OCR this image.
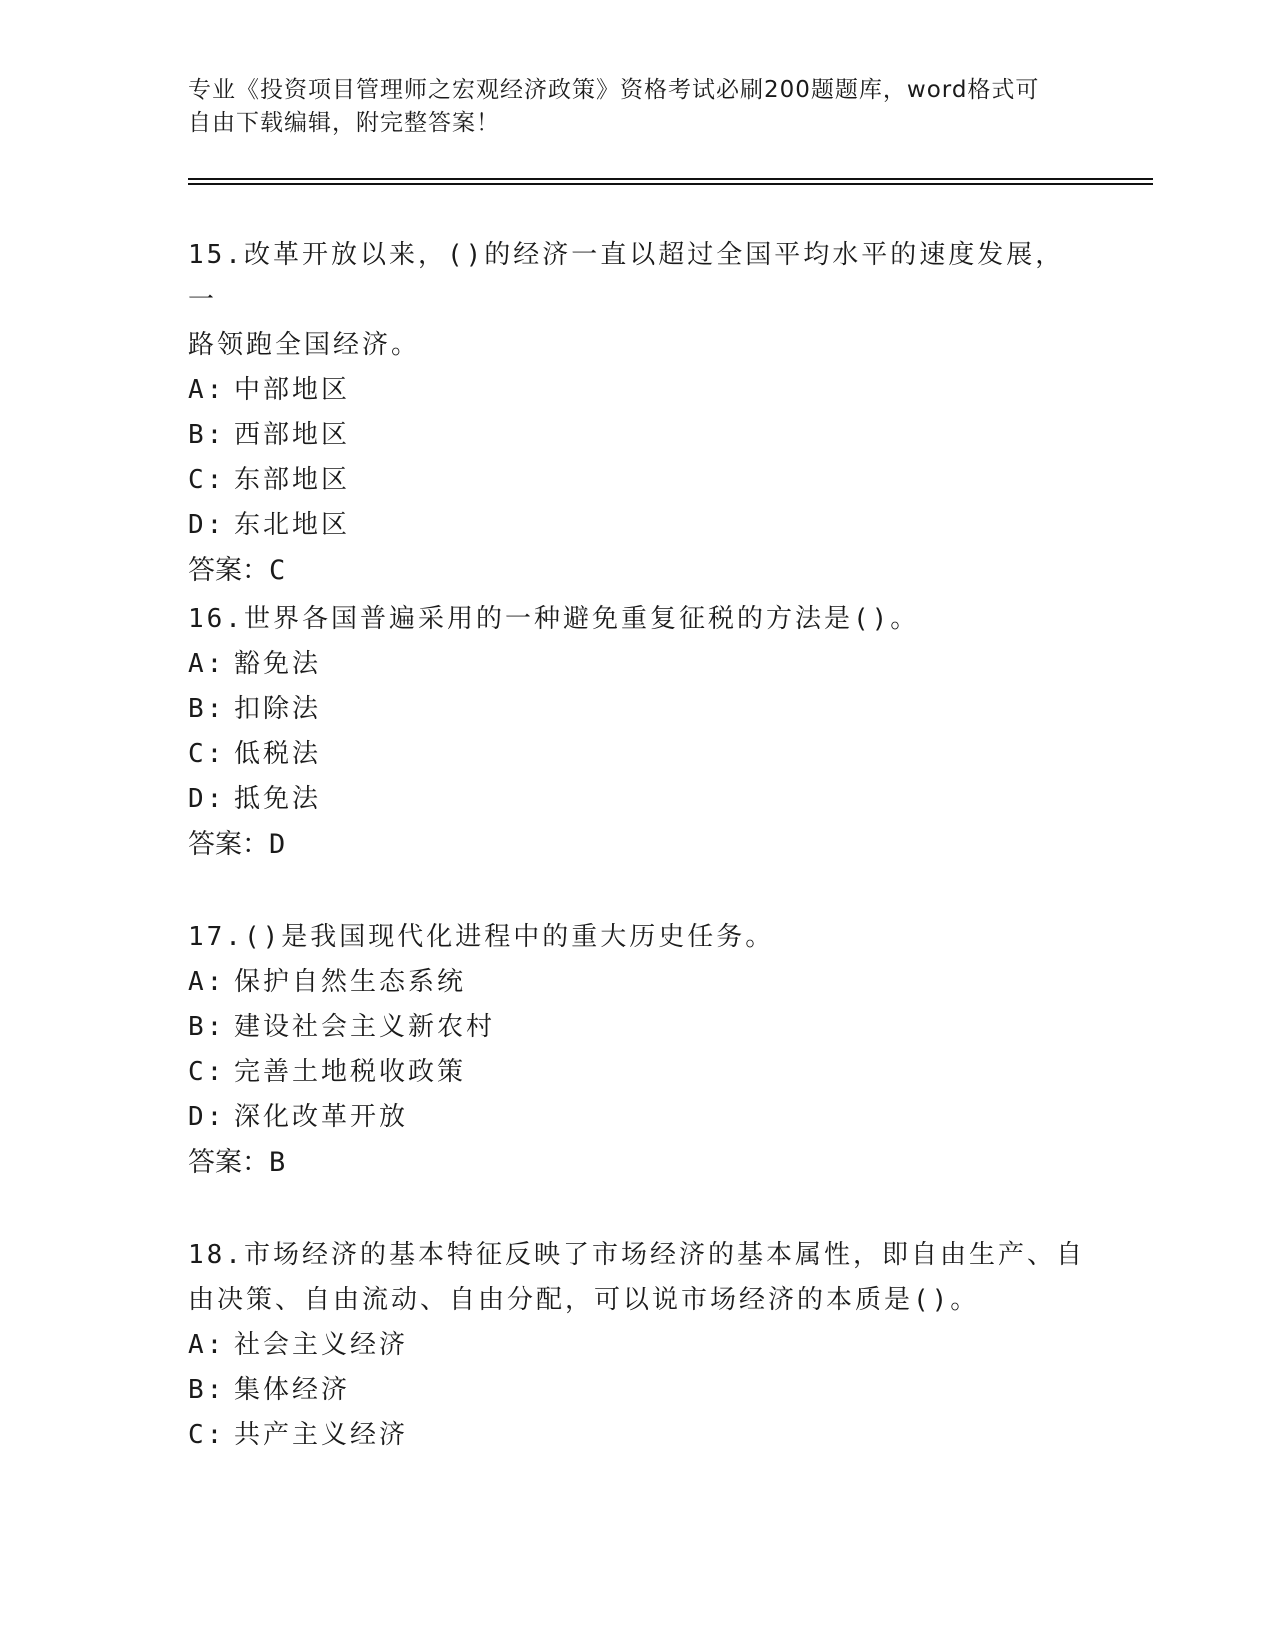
专业《投资项目管理师之宏观经济政策》资格考试必刷200题题库，word格式可
自由下载编辑，附完整答案！
15.改革开放以来，()的经济一直以超过全国平均水平的速度发展，一
路领跑全国经济。
A: 中部地区
B: 西部地区
C: 东部地区
D: 东北地区
答案：C
16.世界各国普遍采用的一种避免重复征税的方法是()。
A: 豁免法
B: 扣除法
C: 低税法
D: 抵免法
答案：D
17.()是我国现代化进程中的重大历史任务。
A: 保护自然生态系统
B: 建设社会主义新农村
C: 完善土地税收政策
D: 深化改革开放
答案：B
18.市场经济的基本特征反映了市场经济的基本属性，即自由生产、自
由决策、自由流动、自由分配，可以说市场经济的本质是()。
A: 社会主义经济
B: 集体经济
C: 共产主义经济
